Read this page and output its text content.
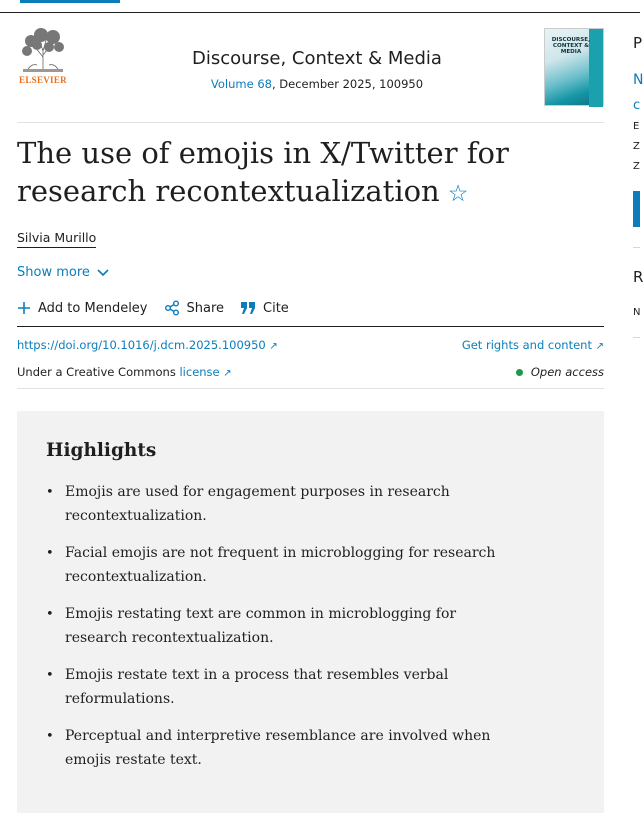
ELSEVIER
Discourse, Context & Media
Volume 68, December 2025, 100950
DISCOURSE, CONTEXT & MEDIA
The use of emojis in X/Twitter for research recontextualization ☆
Silvia Murillo
Show more
Add to Mendeley	Share	Cite
https://doi.org/10.1016/j.dcm.2025.100950 ↗	Get rights and content ↗
Under a Creative Commons license ↗	Open access
Highlights
• Emojis are used for engagement purposes in research recontextualization.
• Facial emojis are not frequent in microblogging for research recontextualization.
• Emojis restating text are common in microblogging for research recontextualization.
• Emojis restate text in a process that resembles verbal reformulations.
• Perceptual and interpretive resemblance are involved when emojis restate text.
P
N
c
E
Z
Z
R
N
